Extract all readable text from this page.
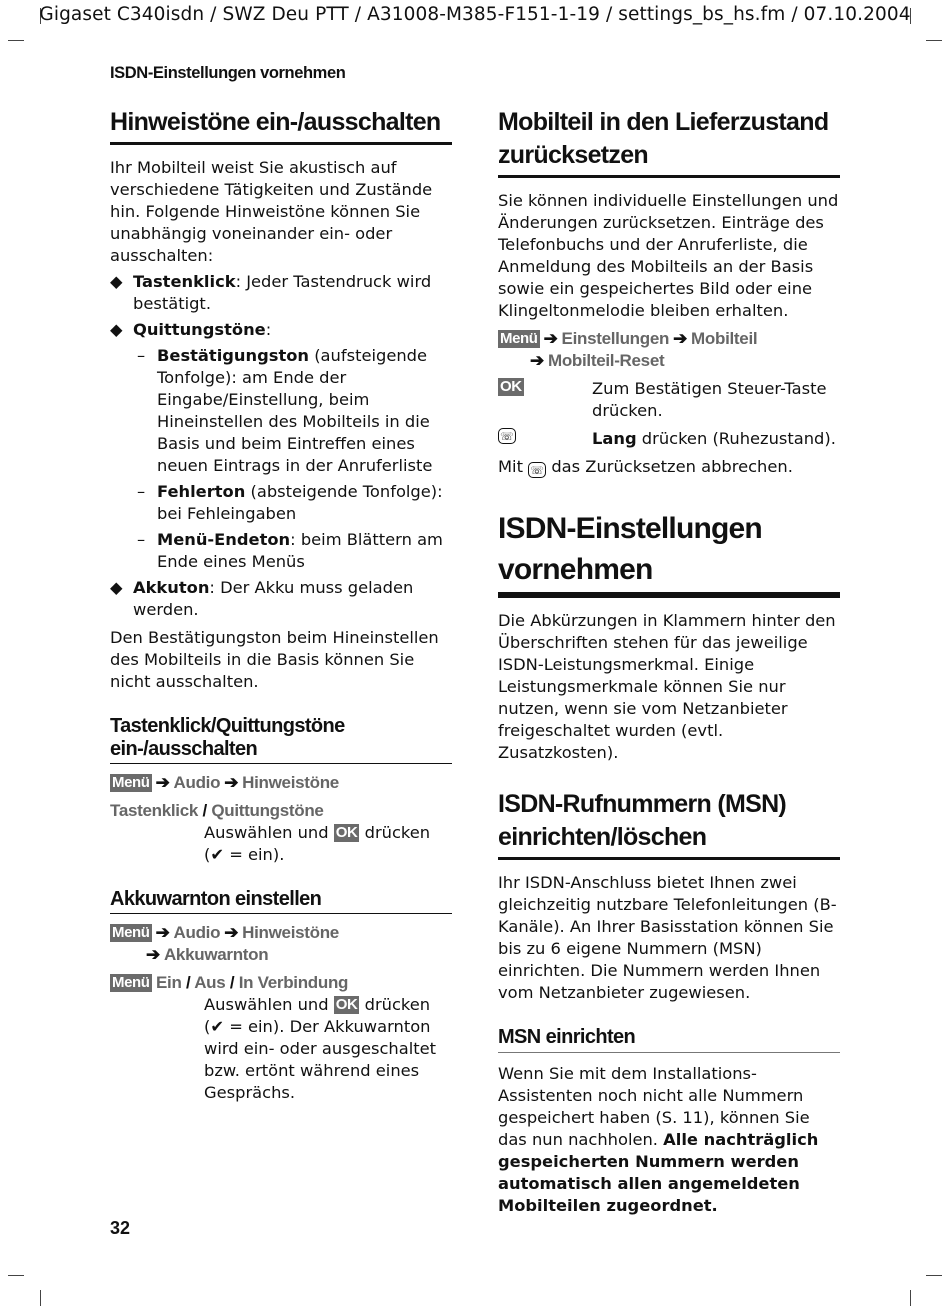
Gigaset C340isdn / SWZ Deu PTT / A31008-M385-F151-1-19 / settings_bs_hs.fm / 07.10.2004
ISDN-Einstellungen vornehmen
Hinweistöne ein-/ausschalten

Ihr Mobilteil weist Sie akustisch auf verschiedene Tätigkeiten und Zustände hin. Folgende Hinweistöne können Sie unabhängig voneinander ein- oder ausschalten:

◆ Tastenklick: Jeder Tastendruck wird bestätigt.
◆ Quittungstöne:
– Bestätigungston (aufsteigende Tonfolge): am Ende der Eingabe/Einstellung, beim Hineinstellen des Mobilteils in die Basis und beim Eintreffen eines neuen Eintrags in der Anruferliste
– Fehlerton (absteigende Tonfolge): bei Fehleingaben
– Menü-Endeton: beim Blättern am Ende eines Menüs
◆ Akkuton: Der Akku muss geladen werden.

Den Bestätigungston beim Hineinstellen des Mobilteils in die Basis können Sie nicht ausschalten.

Tastenklick/Quittungstöne ein-/ausschalten
Menü ➔ Audio ➔ Hinweistöne
Tastenklick / Quittungstöne
Auswählen und OK drücken
(✔ = ein).
Akkuwarnton einstellen
Menü ➔ Audio ➔ Hinweistöne
➔ Akkuwarnton
Menü Ein / Aus / In Verbindung
Auswählen und OK drücken
(✔ = ein). Der Akkuwarnton wird ein- oder ausgeschaltet bzw. ertönt während eines Gesprächs.
Mobilteil in den Lieferzustand zurücksetzen

Sie können individuelle Einstellungen und Änderungen zurücksetzen. Einträge des Telefonbuchs und der Anruferliste, die Anmeldung des Mobilteils an der Basis sowie ein gespeichertes Bild oder eine Klingeltonmelodie bleiben erhalten.

Menü ➔ Einstellungen ➔ Mobilteil
➔ Mobilteil-Reset
OK	Zum Bestätigen Steuer-Taste drücken.
☏	Lang drücken (Ruhezustand).
Mit ☏ das Zurücksetzen abbrechen.
ISDN-Einstellungen vornehmen

Die Abkürzungen in Klammern hinter den Überschriften stehen für das jeweilige ISDN-Leistungsmerkmal. Einige Leistungsmerkmale können Sie nur nutzen, wenn sie vom Netzanbieter freigeschaltet wurden (evtl. Zusatzkosten).

ISDN-Rufnummern (MSN) einrichten/löschen

Ihr ISDN-Anschluss bietet Ihnen zwei gleichzeitig nutzbare Telefonleitungen (B-Kanäle). An Ihrer Basisstation können Sie bis zu 6 eigene Nummern (MSN) einrichten. Die Nummern werden Ihnen vom Netzanbieter zugewiesen.

MSN einrichten

Wenn Sie mit dem Installations-Assistenten noch nicht alle Nummern gespeichert haben (S. 11), können Sie das nun nachholen. Alle nachträglich gespeicherten Nummern werden automatisch allen angemeldeten Mobilteilen zugeordnet.

32
